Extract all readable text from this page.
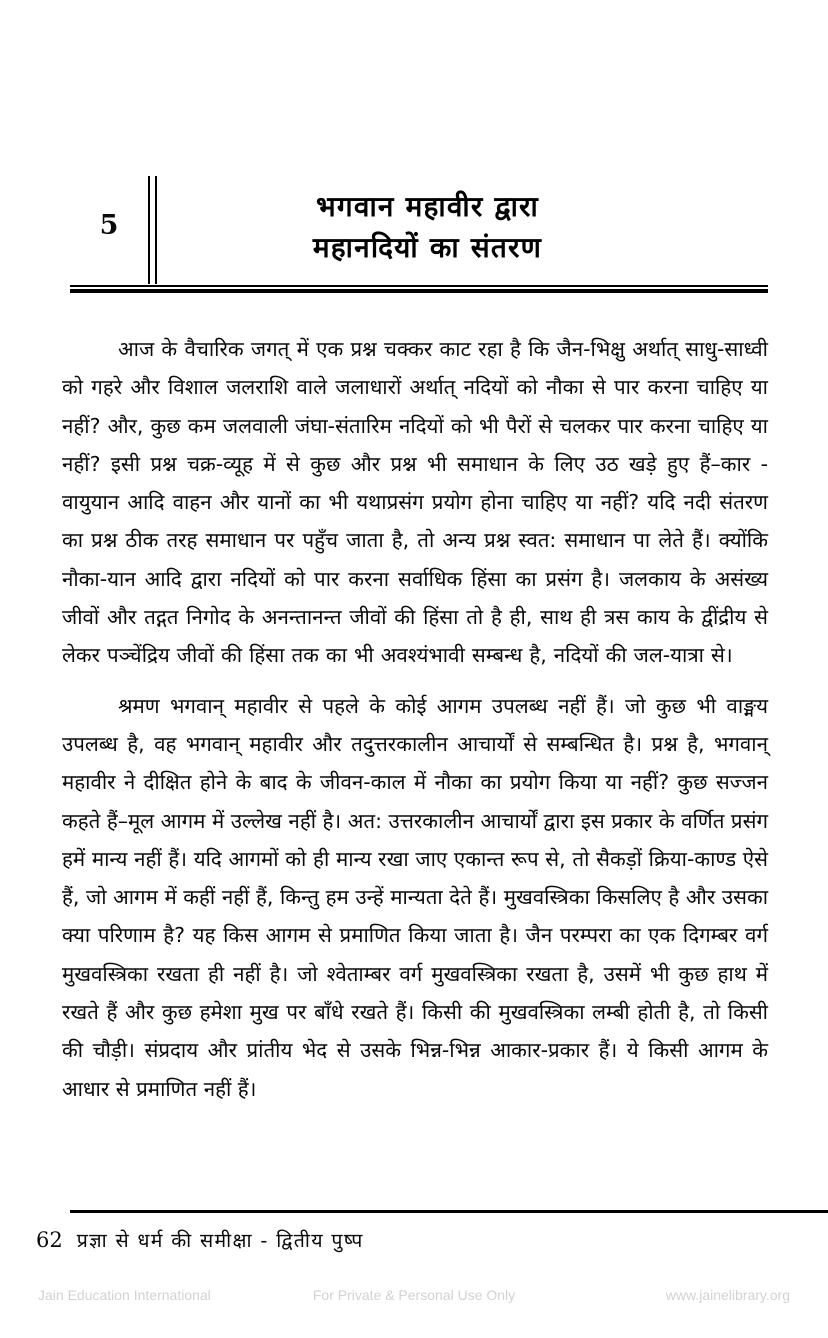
5
भगवान महावीर द्वारा
महानदियों का संतरण

आज के वैचारिक जगत् में एक प्रश्न चक्कर काट रहा है कि जैन-भिक्षु अर्थात् साधु-साध्वी को गहरे और विशाल जलराशि वाले जलाधारों अर्थात् नदियों को नौका से पार करना चाहिए या नहीं? और, कुछ कम जलवाली जंघा-संतारिम नदियों को भी पैरों से चलकर पार करना चाहिए या नहीं? इसी प्रश्न चक्र-व्यूह में से कुछ और प्रश्न भी समाधान के लिए उठ खड़े हुए हैं–कार - वायुयान आदि वाहन और यानों का भी यथाप्रसंग प्रयोग होना चाहिए या नहीं? यदि नदी संतरण का प्रश्न ठीक तरह समाधान पर पहुँच जाता है, तो अन्य प्रश्न स्वत: समाधान पा लेते हैं। क्योंकि नौका-यान आदि द्वारा नदियों को पार करना सर्वाधिक हिंसा का प्रसंग है। जलकाय के असंख्य जीवों और तद्गत निगोद के अनन्तानन्त जीवों की हिंसा तो है ही, साथ ही त्रस काय के द्वींद्रीय से लेकर पञ्चेंद्रिय जीवों की हिंसा तक का भी अवश्यंभावी सम्बन्ध है, नदियों की जल-यात्रा से।

श्रमण भगवान् महावीर से पहले के कोई आगम उपलब्ध नहीं हैं। जो कुछ भी वाङ्मय उपलब्ध है, वह भगवान् महावीर और तदुत्तरकालीन आचार्यों से सम्बन्धित है। प्रश्न है, भगवान् महावीर ने दीक्षित होने के बाद के जीवन-काल में नौका का प्रयोग किया या नहीं? कुछ सज्जन कहते हैं–मूल आगम में उल्लेख नहीं है। अत: उत्तरकालीन आचार्यों द्वारा इस प्रकार के वर्णित प्रसंग हमें मान्य नहीं हैं। यदि आगमों को ही मान्य रखा जाए एकान्त रूप से, तो सैकड़ों क्रिया-काण्ड ऐसे हैं, जो आगम में कहीं नहीं हैं, किन्तु हम उन्हें मान्यता देते हैं। मुखवस्त्रिका किसलिए है और उसका क्या परिणाम है? यह किस आगम से प्रमाणित किया जाता है। जैन परम्परा का एक दिगम्बर वर्ग मुखवस्त्रिका रखता ही नहीं है। जो श्वेताम्बर वर्ग मुखवस्त्रिका रखता है, उसमें भी कुछ हाथ में रखते हैं और कुछ हमेशा मुख पर बाँधे रखते हैं। किसी की मुखवस्त्रिका लम्बी होती है, तो किसी की चौड़ी। संप्रदाय और प्रांतीय भेद से उसके भिन्न-भिन्न आकार-प्रकार हैं। ये किसी आगम के आधार से प्रमाणित नहीं हैं।

62 प्रज्ञा से धर्म की समीक्षा - द्वितीय पुष्प
Jain Education International	For Private & Personal Use Only	www.jainelibrary.org
